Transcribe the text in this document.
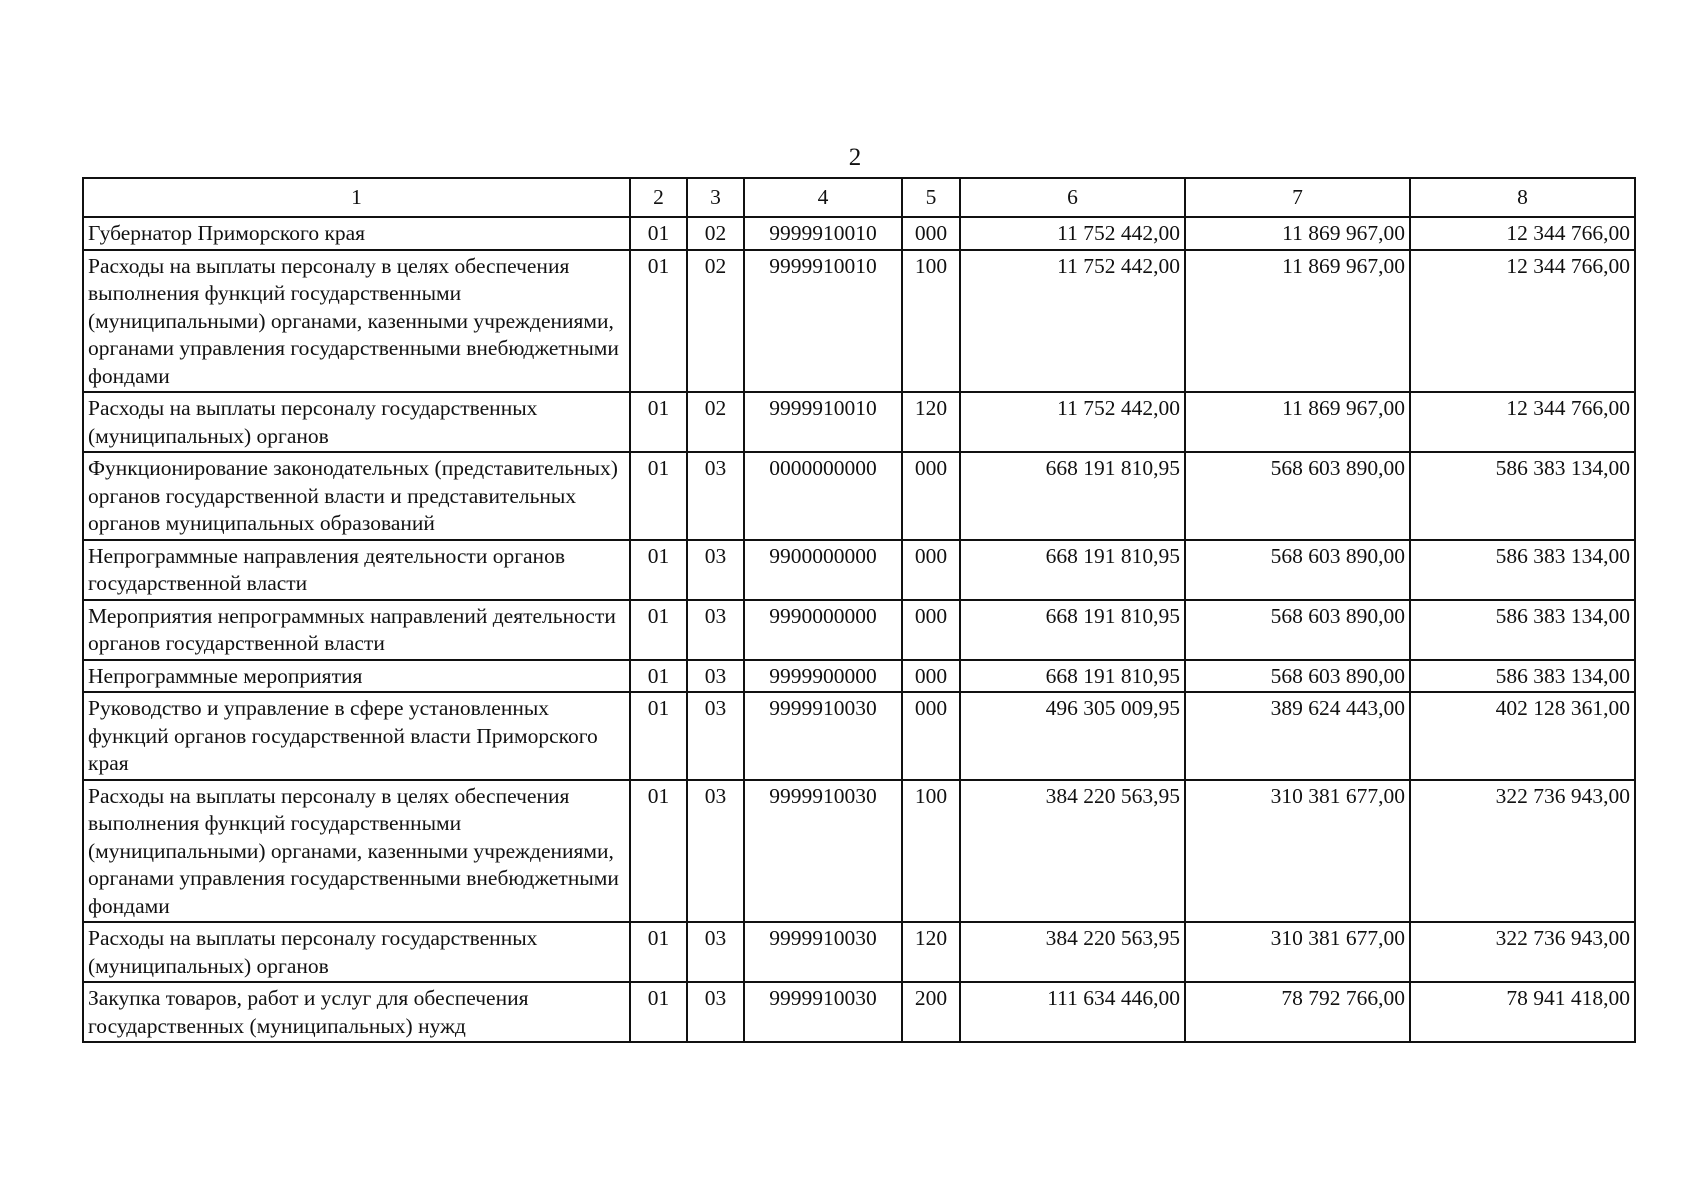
2
1	2	3	4	5	6	7	8
Губернатор Приморского края	01	02	9999910010	000	11 752 442,00	11 869 967,00	12 344 766,00
Расходы на выплаты персоналу в целях обеспечения выполнения функций государственными (муниципальными) органами, казенными учреждениями, органами управления государственными внебюджетными фондами	01	02	9999910010	100	11 752 442,00	11 869 967,00	12 344 766,00
Расходы на выплаты персоналу государственных (муниципальных) органов	01	02	9999910010	120	11 752 442,00	11 869 967,00	12 344 766,00
Функционирование законодательных (представительных) органов государственной власти и представительных органов муниципальных образований	01	03	0000000000	000	668 191 810,95	568 603 890,00	586 383 134,00
Непрограммные направления деятельности органов государственной власти	01	03	9900000000	000	668 191 810,95	568 603 890,00	586 383 134,00
Мероприятия непрограммных направлений деятельности органов государственной власти	01	03	9990000000	000	668 191 810,95	568 603 890,00	586 383 134,00
Непрограммные мероприятия	01	03	9999900000	000	668 191 810,95	568 603 890,00	586 383 134,00
Руководство и управление в сфере установленных функций органов государственной власти Приморского края	01	03	9999910030	000	496 305 009,95	389 624 443,00	402 128 361,00
Расходы на выплаты персоналу в целях обеспечения выполнения функций государственными (муниципальными) органами, казенными учреждениями, органами управления государственными внебюджетными фондами	01	03	9999910030	100	384 220 563,95	310 381 677,00	322 736 943,00
Расходы на выплаты персоналу государственных (муниципальных) органов	01	03	9999910030	120	384 220 563,95	310 381 677,00	322 736 943,00
Закупка товаров, работ и услуг для обеспечения государственных (муниципальных) нужд	01	03	9999910030	200	111 634 446,00	78 792 766,00	78 941 418,00
